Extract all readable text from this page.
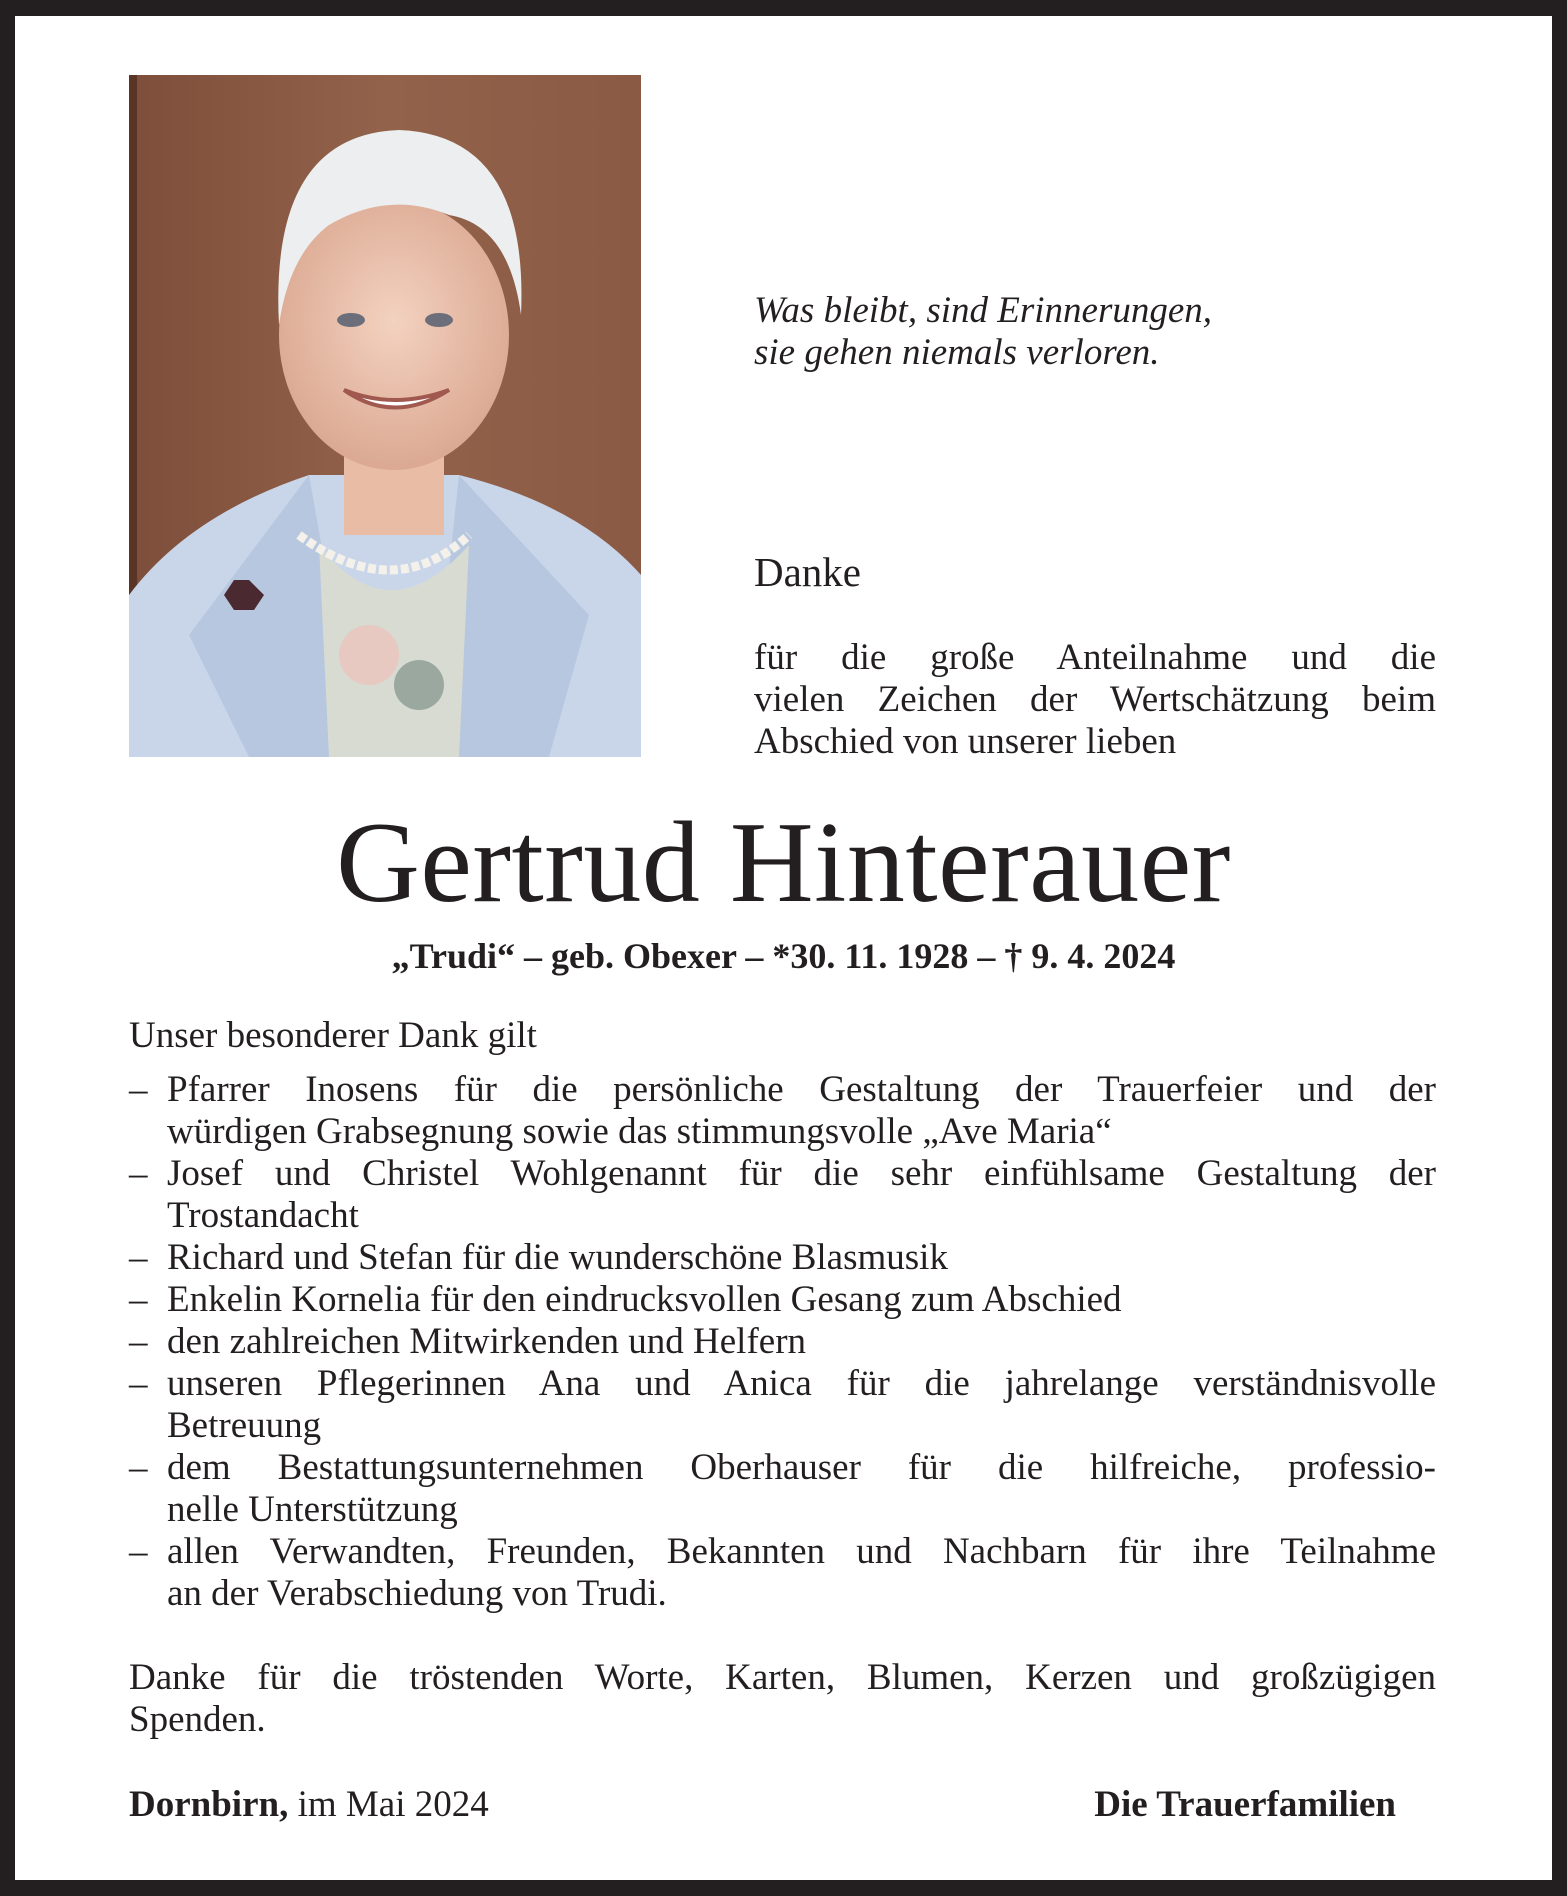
Was bleibt, sind Erinnerungen,
sie gehen niemals verloren.
Danke
für die große Anteilnahme und die
vielen Zeichen der Wertschätzung beim
Abschied von unserer lieben
Gertrud Hinterauer
„Trudi“ – geb. Obexer – *30. 11. 1928 – † 9. 4. 2024
Unser besonderer Dank gilt
– Pfarrer Inosens für die persönliche Gestaltung der Trauerfeier und der
würdigen Grabsegnung sowie das stimmungsvolle „Ave Maria“
– Josef und Christel Wohlgenannt für die sehr einfühlsame Gestaltung der
Trostandacht
– Richard und Stefan für die wunderschöne Blasmusik
– Enkelin Kornelia für den eindrucksvollen Gesang zum Abschied
– den zahlreichen Mitwirkenden und Helfern
– unseren Pflegerinnen Ana und Anica für die jahrelange verständnisvolle
Betreuung
– dem Bestattungsunternehmen Oberhauser für die hilfreiche, professio-
nelle Unterstützung
– allen Verwandten, Freunden, Bekannten und Nachbarn für ihre Teilnahme
an der Verabschiedung von Trudi.
Danke für die tröstenden Worte, Karten, Blumen, Kerzen und großzügigen
Spenden.
Dornbirn, im Mai 2024	Die Trauerfamilien
